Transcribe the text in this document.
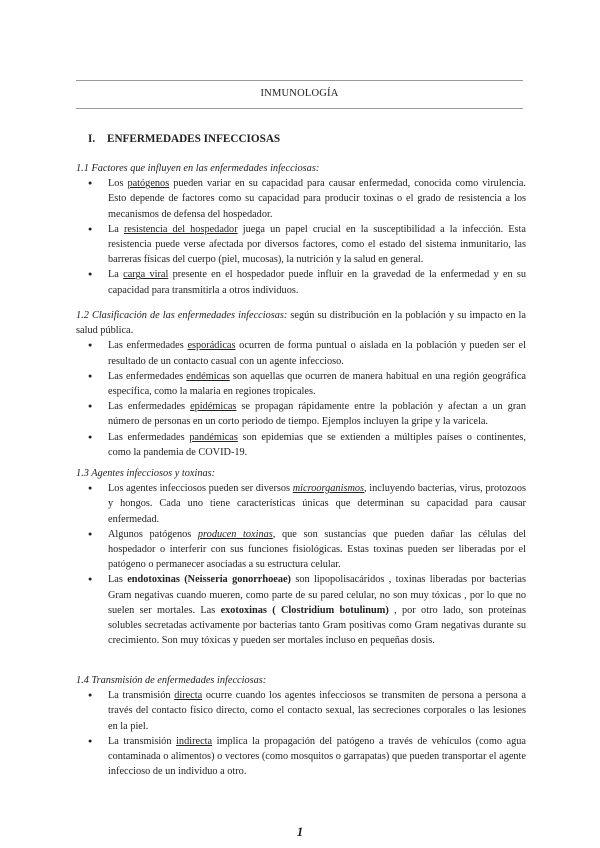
INMUNOLOGÍA
I. ENFERMEDADES INFECCIOSAS
1.1 Factores que influyen en las enfermedades infecciosas:
● Los patógenos pueden variar en su capacidad para causar enfermedad, conocida como virulencia. Esto depende de factores como su capacidad para producir toxinas o el grado de resistencia a los mecanismos de defensa del hospedador.
● La resistencia del hospedador juega un papel crucial en la susceptibilidad a la infección. Esta resistencia puede verse afectada por diversos factores, como el estado del sistema inmunitario, las barreras físicas del cuerpo (piel, mucosas), la nutrición y la salud en general.
● La carga viral presente en el hospedador puede influir en la gravedad de la enfermedad y en su capacidad para transmitirla a otros individuos.
1.2 Clasificación de las enfermedades infecciosas: según su distribución en la población y su impacto en la salud pública.
● Las enfermedades esporádicas ocurren de forma puntual o aislada en la población y pueden ser el resultado de un contacto casual con un agente infeccioso.
● Las enfermedades endémicas son aquellas que ocurren de manera habitual en una región geográfica específica, como la malaria en regiones tropicales.
● Las enfermedades epidémicas se propagan rápidamente entre la población y afectan a un gran número de personas en un corto periodo de tiempo. Ejemplos incluyen la gripe y la varicela.
● Las enfermedades pandémicas son epidemias que se extienden a múltiples países o continentes, como la pandemia de COVID-19.
1.3 Agentes infecciosos y toxinas:
● Los agentes infecciosos pueden ser diversos microorganismos, incluyendo bacterias, virus, protozoos y hongos. Cada uno tiene características únicas que determinan su capacidad para causar enfermedad.
● Algunos patógenos producen toxinas, que son sustancias que pueden dañar las células del hospedador o interferir con sus funciones fisiológicas. Estas toxinas pueden ser liberadas por el patógeno o permanecer asociadas a su estructura celular.
● Las endotoxinas (Neisseria gonorrhoeae) son lipopolisacáridos , toxinas liberadas por bacterias Gram negativas cuando mueren, como parte de su pared celular, no son muy tóxicas , por lo que no suelen ser mortales. Las exotoxinas ( Clostridium botulinum) , por otro lado, son proteínas solubles secretadas activamente por bacterias tanto Gram positivas como Gram negativas durante su crecimiento. Son muy tóxicas y pueden ser mortales incluso en pequeñas dosis.
1.4 Transmisión de enfermedades infecciosas:
● La transmisión directa ocurre cuando los agentes infecciosos se transmiten de persona a persona a través del contacto físico directo, como el contacto sexual, las secreciones corporales o las lesiones en la piel.
● La transmisión indirecta implica la propagación del patógeno a través de vehículos (como agua contaminada o alimentos) o vectores (como mosquitos o garrapatas) que pueden transportar el agente infeccioso de un individuo a otro.
1
